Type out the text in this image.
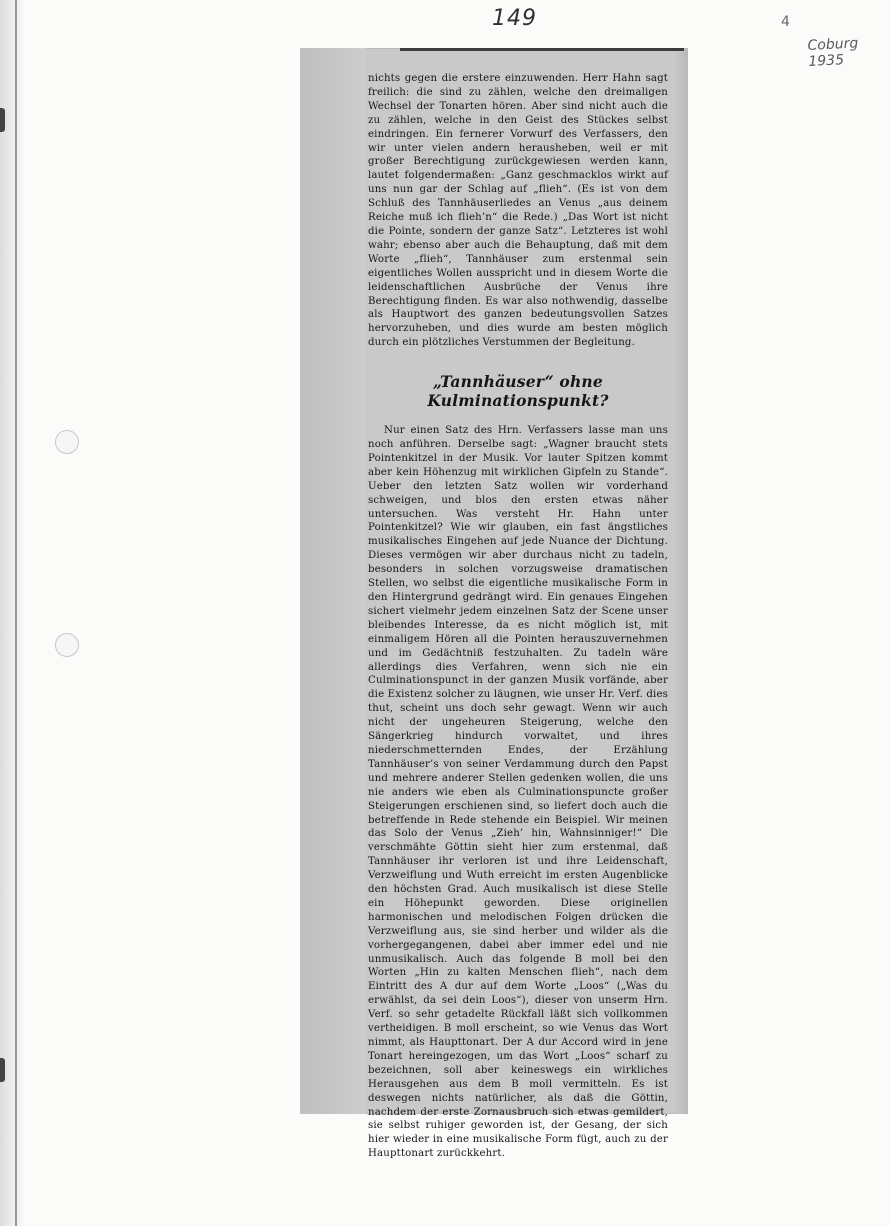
149	4
Coburg 1935

nichts gegen die erstere einzuwenden. Herr Hahn sagt freilich: die sind zu zählen, welche den dreimaligen Wechsel der Tonarten hören. Aber sind nicht auch die zu zählen, welche in den Geist des Stückes selbst eindringen. Ein fernerer Vorwurf des Verfassers, den wir unter vielen andern herausheben, weil er mit großer Berechtigung zurückgewiesen werden kann, lautet folgendermaßen: „Ganz geschmacklos wirkt auf uns nun gar der Schlag auf „flieh“. (Es ist von dem Schluß des Tannhäuserliedes an Venus „aus deinem Reiche muß ich flieh’n“ die Rede.) „Das Wort ist nicht die Pointe, sondern der ganze Satz“. Letzteres ist wohl wahr; ebenso aber auch die Behauptung, daß mit dem Worte „flieh“, Tannhäuser zum erstenmal sein eigentliches Wollen ausspricht und in diesem Worte die leidenschaftlichen Ausbrüche der Venus ihre Berechtigung finden. Es war also nothwendig, dasselbe als Hauptwort des ganzen bedeutungsvollen Satzes hervorzuheben, und dies wurde am besten möglich durch ein plötzliches Verstummen der Begleitung.

„Tannhäuser“ ohne Kulminationspunkt?

Nur einen Satz des Hrn. Verfassers lasse man uns noch anführen. Derselbe sagt: „Wagner braucht stets Pointenkitzel in der Musik. Vor lauter Spitzen kommt aber kein Höhenzug mit wirklichen Gipfeln zu Stande“. Ueber den letzten Satz wollen wir vorderhand schweigen, und blos den ersten etwas näher untersuchen. Was versteht Hr. Hahn unter Pointenkitzel? Wie wir glauben, ein fast ängstliches musikalisches Eingehen auf jede Nuance der Dichtung. Dieses vermögen wir aber durchaus nicht zu tadeln, besonders in solchen vorzugsweise dramatischen Stellen, wo selbst die eigentliche musikalische Form in den Hintergrund gedrängt wird. Ein genaues Eingehen sichert vielmehr jedem einzelnen Satz der Scene unser bleibendes Interesse, da es nicht möglich ist, mit einmaligem Hören all die Pointen herauszuvernehmen und im Gedächtniß festzuhalten. Zu tadeln wäre allerdings dies Verfahren, wenn sich nie ein Culminationspunct in der ganzen Musik vorfände, aber die Existenz solcher zu läugnen, wie unser Hr. Verf. dies thut, scheint uns doch sehr gewagt. Wenn wir auch nicht der ungeheuren Steigerung, welche den Sängerkrieg hindurch vorwaltet, und ihres niederschmetternden Endes, der Erzählung Tannhäuser’s von seiner Verdammung durch den Papst und mehrere anderer Stellen gedenken wollen, die uns nie anders wie eben als Culminationspuncte großer Steigerungen erschienen sind, so liefert doch auch die betreffende in Rede stehende ein Beispiel. Wir meinen das Solo der Venus „Zieh’ hin, Wahnsinniger!“ Die verschmähte Göttin sieht hier zum erstenmal, daß Tannhäuser ihr verloren ist und ihre Leidenschaft, Verzweiflung und Wuth erreicht im ersten Augenblicke den höchsten Grad. Auch musikalisch ist diese Stelle ein Höhepunkt geworden. Diese originellen harmonischen und melodischen Folgen drücken die Verzweiflung aus, sie sind herber und wilder als die vorhergegangenen, dabei aber immer edel und nie unmusikalisch. Auch das folgende B moll bei den Worten „Hin zu kalten Menschen flieh“, nach dem Eintritt des A dur auf dem Worte „Loos“ („Was du erwählst, da sei dein Loos“), dieser von unserm Hrn. Verf. so sehr getadelte Rückfall läßt sich vollkommen vertheidigen. B moll erscheint, so wie Venus das Wort nimmt, als Haupttonart. Der A dur Accord wird in jene Tonart hereingezogen, um das Wort „Loos“ scharf zu bezeichnen, soll aber keineswegs ein wirkliches Herausgehen aus dem B moll vermitteln. Es ist deswegen nichts natürlicher, als daß die Göttin, nachdem der erste Zornausbruch sich etwas gemildert, sie selbst ruhiger geworden ist, der Gesang, der sich hier wieder in eine musikalische Form fügt, auch zu der Haupttonart zurückkehrt.
